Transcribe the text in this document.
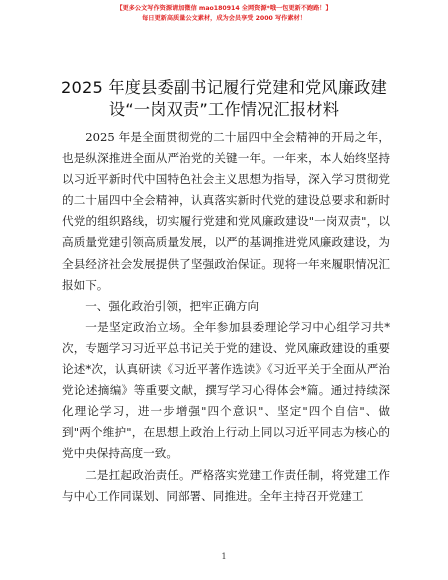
【更多公文写作资源请加微信 mao180914 全网资源*哦一包更新不跑路！】
每日更新高质量公文素材，成为会员享受 2000 写作素材！
2025 年度县委副书记履行党建和党风廉政建
设“一岗双责”工作情况汇报材料

2025 年是全面贯彻党的二十届四中全会精神的开局之年，也是纵深推进全面从严治党的关键一年。一年来，本人始终坚持以习近平新时代中国特色社会主义思想为指导，深入学习贯彻党的二十届四中全会精神，认真落实新时代党的建设总要求和新时代党的组织路线，切实履行党建和党风廉政建设"一岗双责"，以高质量党建引领高质量发展，以严的基调推进党风廉政建设，为全县经济社会发展提供了坚强政治保证。现将一年来履职情况汇报如下。

一、强化政治引领，把牢正确方向

一是坚定政治立场。全年参加县委理论学习中心组学习共*次，专题学习习近平总书记关于党的建设、党风廉政建设的重要论述*次，认真研读《习近平著作选读》《习近平关于全面从严治党论述摘编》等重要文献，撰写学习心得体会*篇。通过持续深化理论学习，进一步增强"四个意识"、坚定"四个自信"、做到"两个维护"，在思想上政治上行动上同以习近平同志为核心的党中央保持高度一致。

二是扛起政治责任。严格落实党建工作责任制，将党建工作与中心工作同谋划、同部署、同推进。全年主持召开党建工

1
